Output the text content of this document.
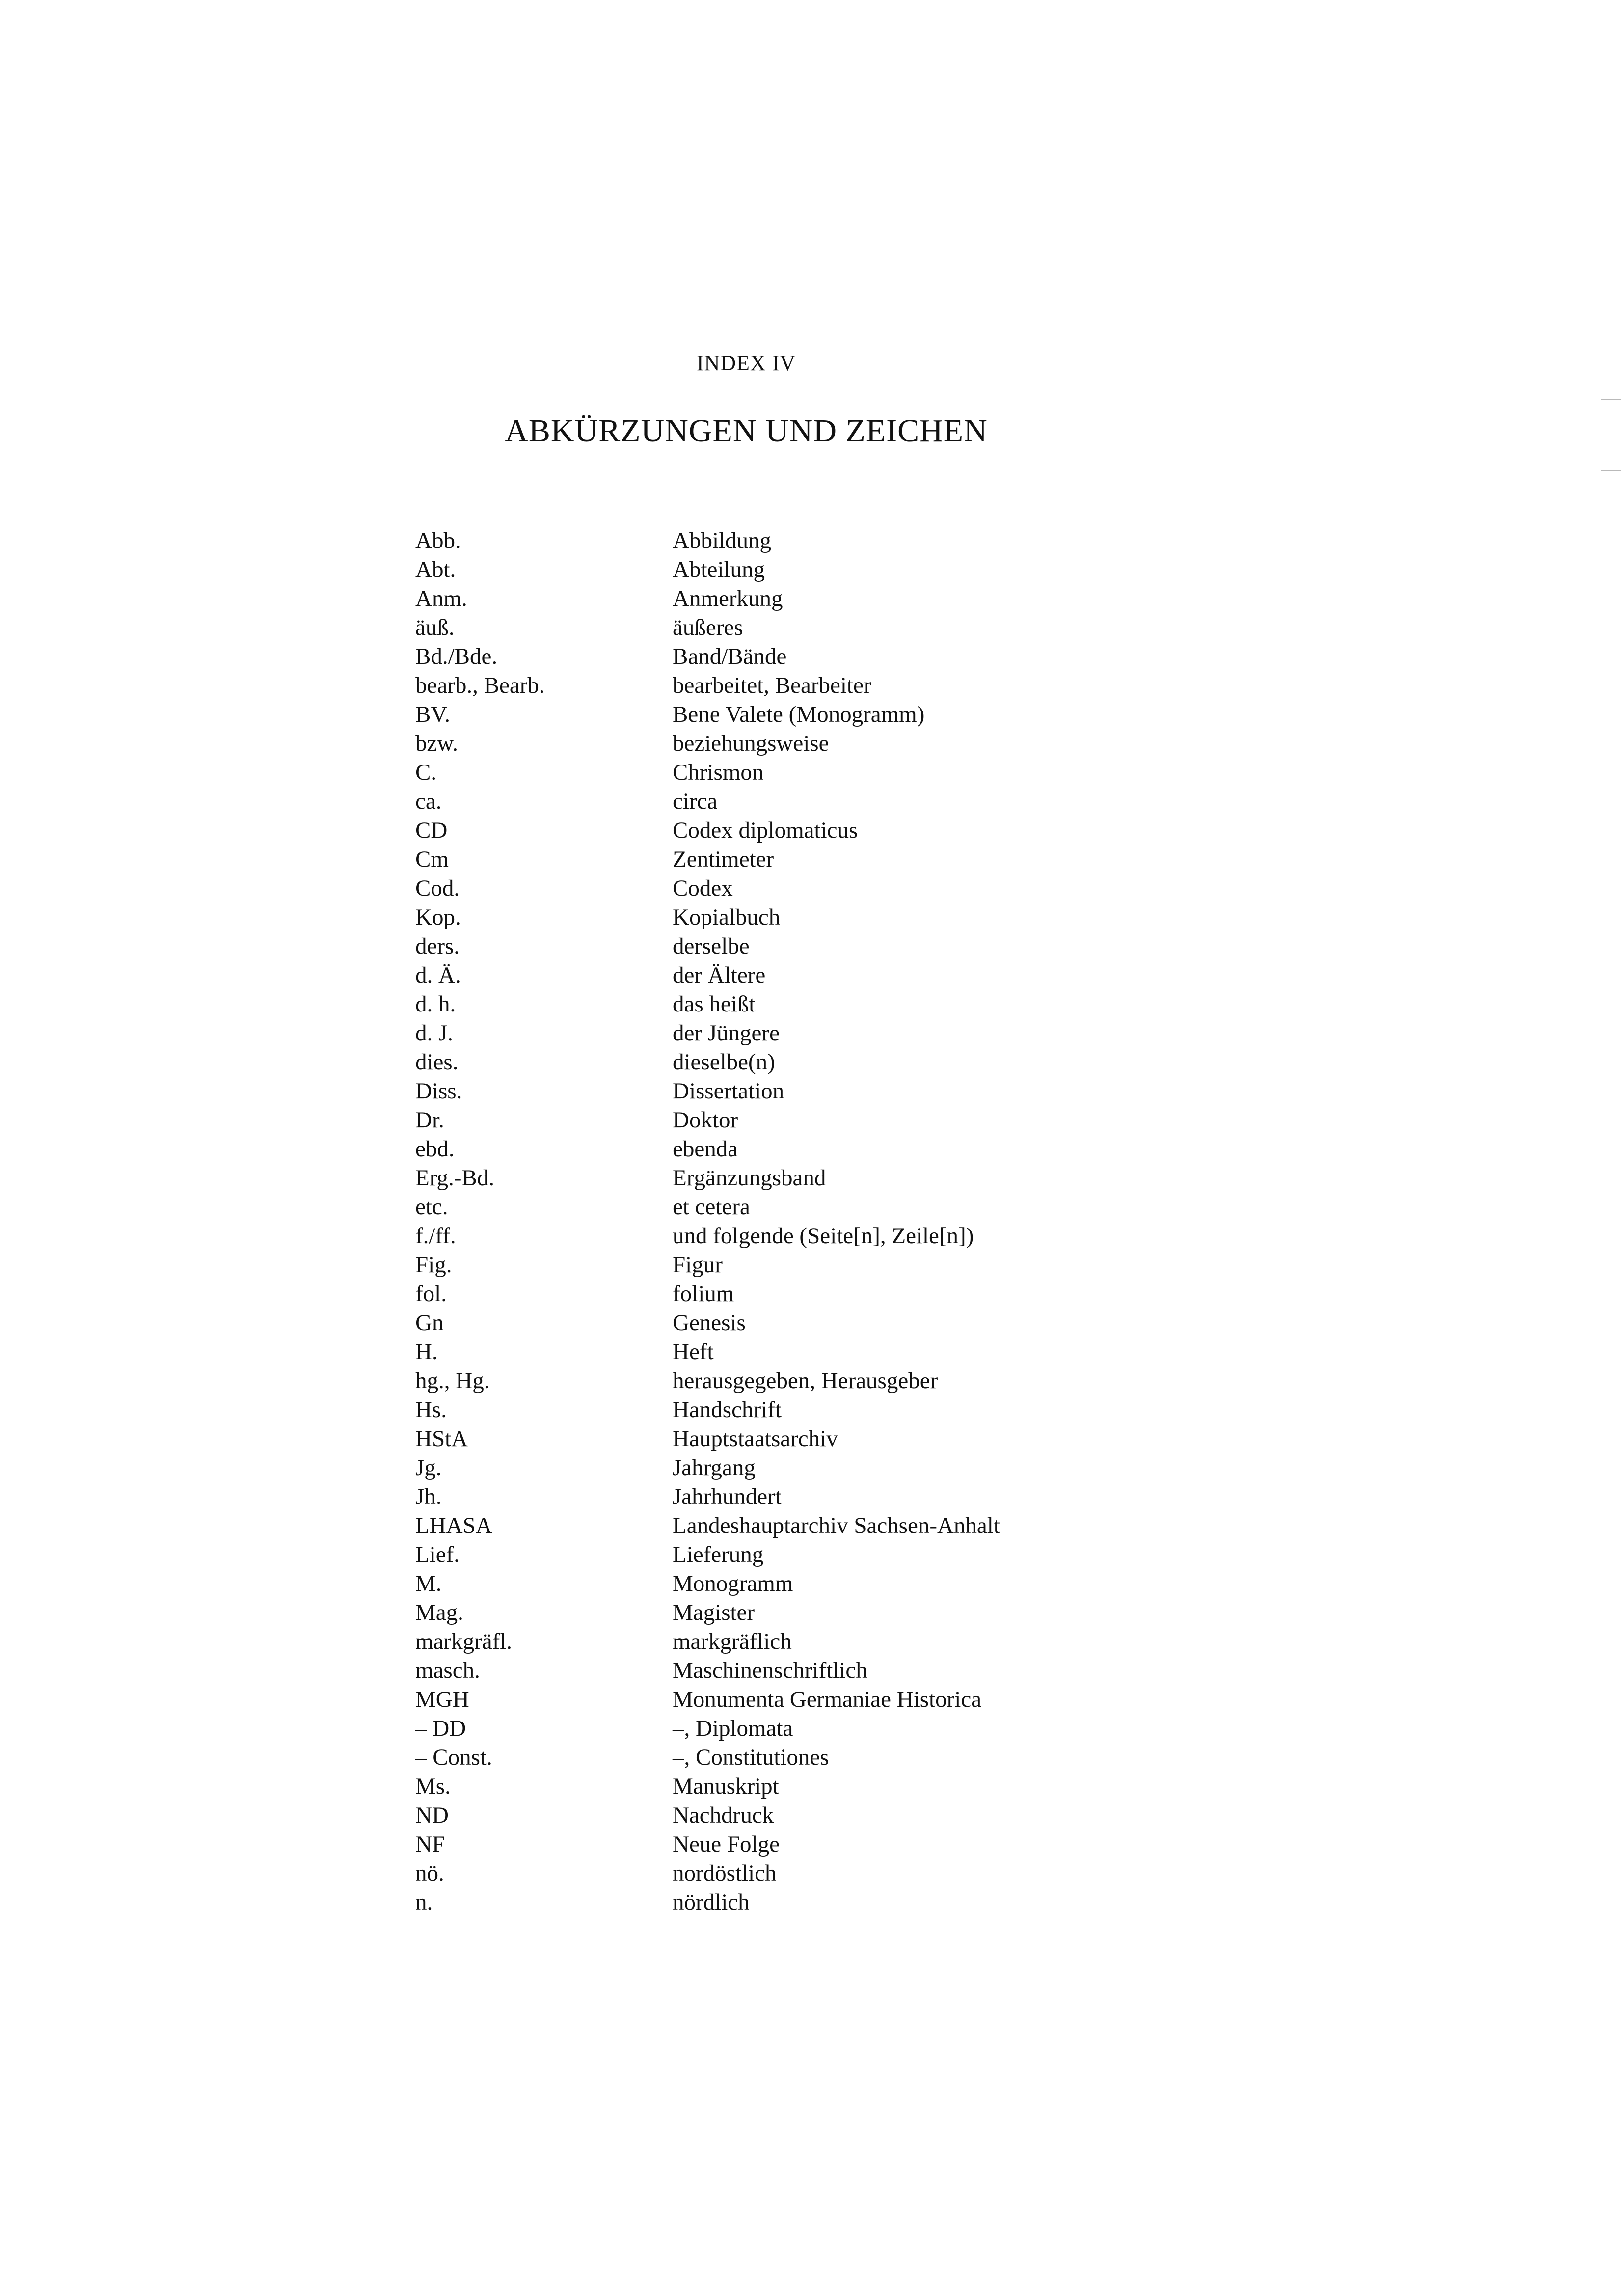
INDEX IV
ABKÜRZUNGEN UND ZEICHEN
Abb.	Abbildung
Abt.	Abteilung
Anm.	Anmerkung
äuß.	äußeres
Bd./Bde.	Band/Bände
bearb., Bearb.	bearbeitet, Bearbeiter
BV.	Bene Valete (Monogramm)
bzw.	beziehungsweise
C.	Chrismon
ca.	circa
CD	Codex diplomaticus
Cm	Zentimeter
Cod.	Codex
Kop.	Kopialbuch
ders.	derselbe
d. Ä.	der Ältere
d. h.	das heißt
d. J.	der Jüngere
dies.	dieselbe(n)
Diss.	Dissertation
Dr.	Doktor
ebd.	ebenda
Erg.-Bd.	Ergänzungsband
etc.	et cetera
f./ff.	und folgende (Seite[n], Zeile[n])
Fig.	Figur
fol.	folium
Gn	Genesis
H.	Heft
hg., Hg.	herausgegeben, Herausgeber
Hs.	Handschrift
HStA	Hauptstaatsarchiv
Jg.	Jahrgang
Jh.	Jahrhundert
LHASA	Landeshauptarchiv Sachsen-Anhalt
Lief.	Lieferung
M.	Monogramm
Mag.	Magister
markgräfl.	markgräflich
masch.	Maschinenschriftlich
MGH	Monumenta Germaniae Historica
– DD	–, Diplomata
– Const.	–, Constitutiones
Ms.	Manuskript
ND	Nachdruck
NF	Neue Folge
nö.	nordöstlich
n.	nördlich
